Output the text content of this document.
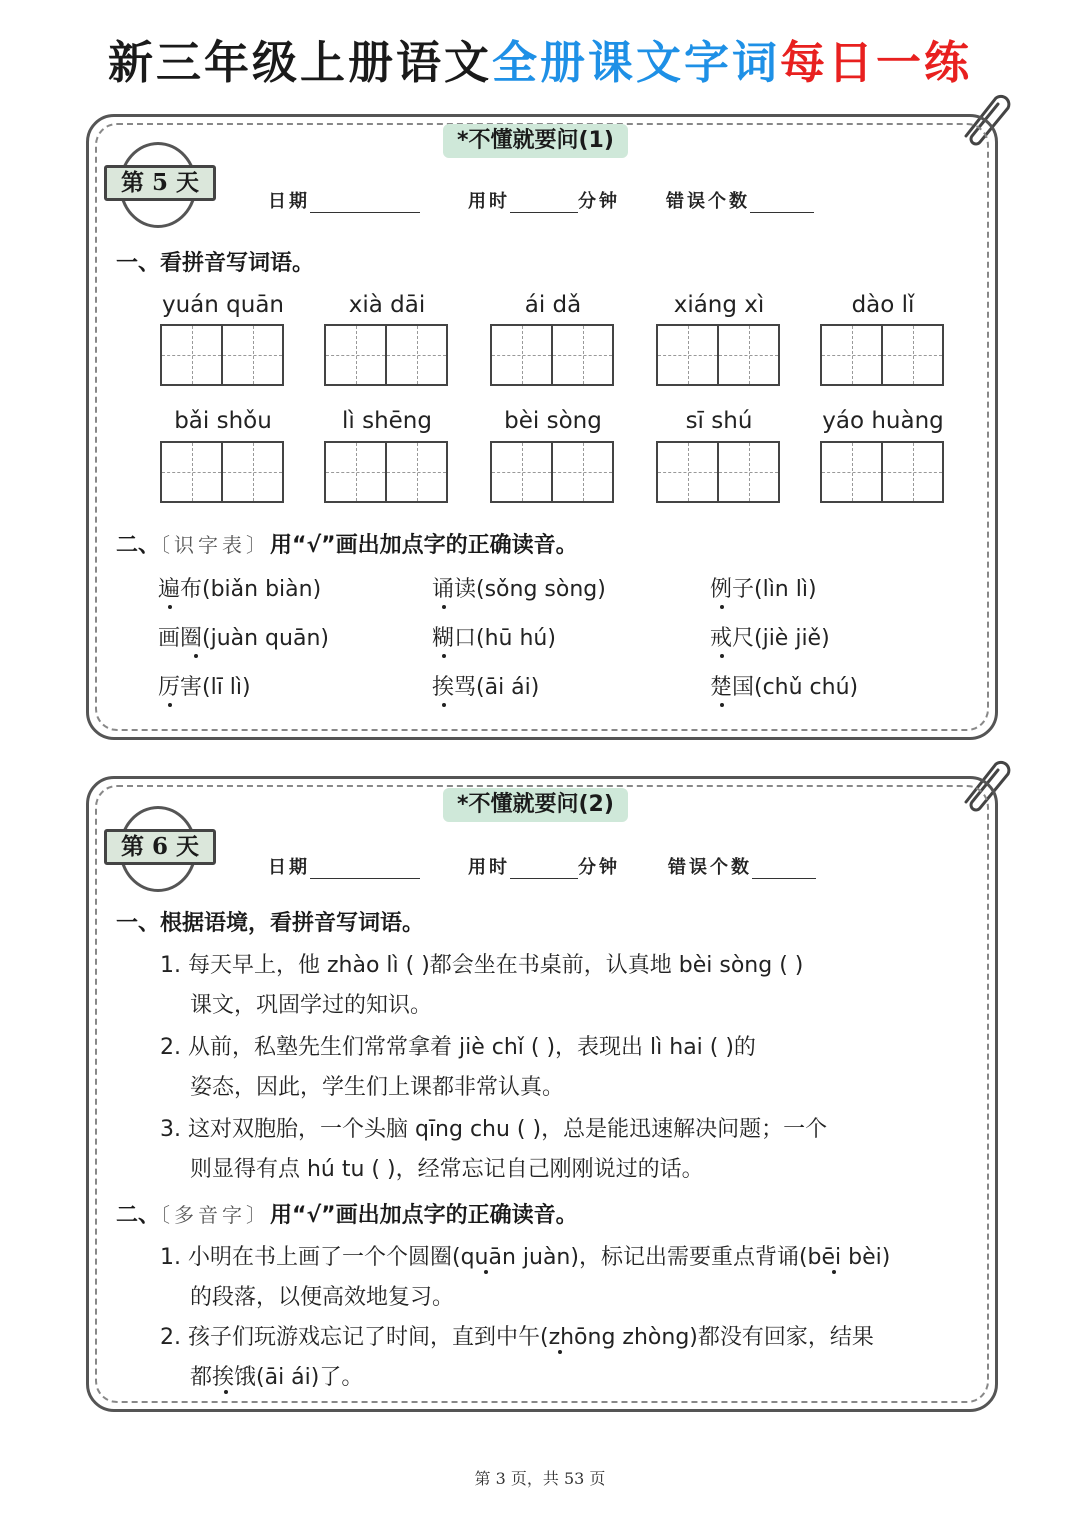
新三年级上册语文全册课文字词每日一练
*不懂就要问(1)
第 5 天
日期	用时	分钟	错误个数
一、看拼音写词语。
yuán quān	xià dāi	ái dǎ	xiáng xì	dào lǐ
bǎi shǒu	lì shēng	bèi sòng	sī shú	yáo huàng
二、〔识字表〕用“√”画出加点字的正确读音。
遍布(biǎn biàn)	诵读(sǒng sòng)	例子(lìn lì)
画圈(juàn quān)	糊口(hū hú)	戒尺(jiè jiě)
厉害(lī lì)	挨骂(āi ái)	楚国(chǔ chú)
*不懂就要问(2)
第 6 天
日期	用时	分钟	错误个数
一、根据语境，看拼音写词语。
1. 每天早上，他 zhào lì ( )都会坐在书桌前，认真地 bèi sòng ( )
课文，巩固学过的知识。
2. 从前，私塾先生们常常拿着 jiè chǐ ( )，表现出 lì hai ( )的
姿态，因此，学生们上课都非常认真。
3. 这对双胞胎，一个头脑 qīng chu ( )，总是能迅速解决问题；一个
则显得有点 hú tu ( )，经常忘记自己刚刚说过的话。
二、〔多音字〕用“√”画出加点字的正确读音。
1. 小明在书上画了一个个圆圈(quān juàn)，标记出需要重点背诵(bēi bèi)
的段落，以便高效地复习。
2. 孩子们玩游戏忘记了时间，直到中午(zhōng zhòng)都没有回家，结果
都挨饿(āi ái)了。
第 3 页，共 53 页
